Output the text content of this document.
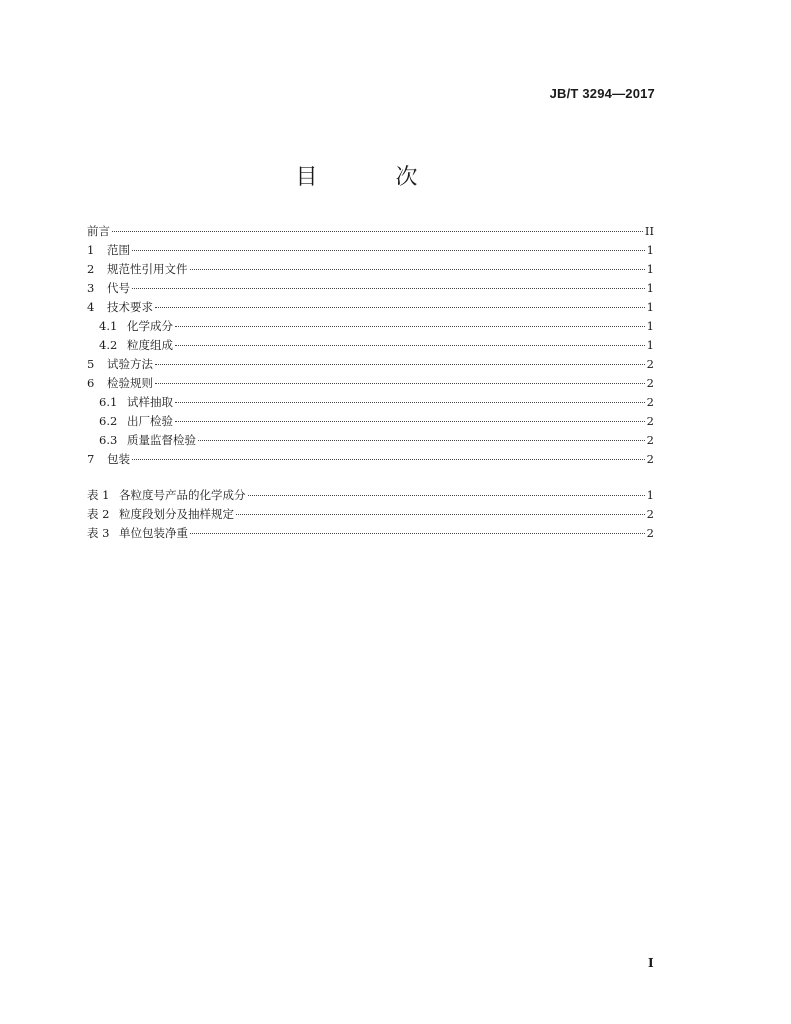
JB/T 3294—2017
目　次
前言	II
1	范围	1
2	规范性引用文件	1
3	代号	1
4	技术要求	1
4.1 化学成分	1
4.2 粒度组成	1
5	试验方法	2
6	检验规则	2
6.1 试样抽取	2
6.2 出厂检验	2
6.3 质量监督检验	2
7	包装	2
表 1 各粒度号产品的化学成分	1
表 2 粒度段划分及抽样规定	2
表 3 单位包装净重	2
I
